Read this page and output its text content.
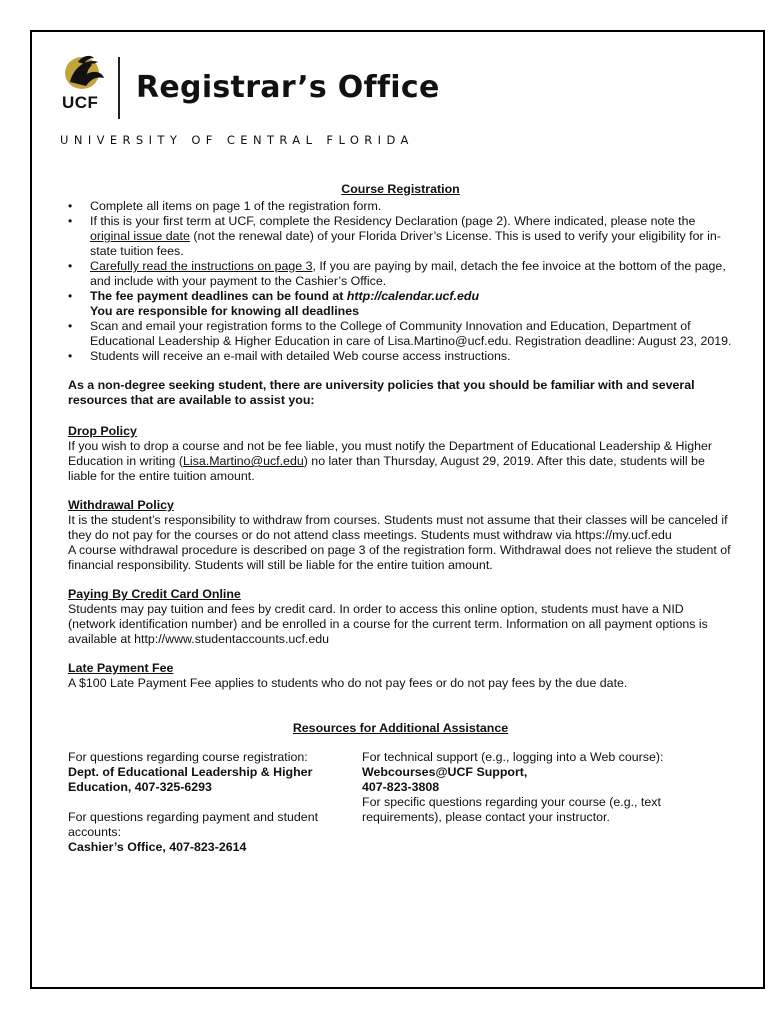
UCF Registrar’s Office
UNIVERSITY OF CENTRAL FLORIDA

Course Registration

• Complete all items on page 1 of the registration form.
• If this is your first term at UCF, complete the Residency Declaration (page 2). Where indicated, please note the original issue date (not the renewal date) of your Florida Driver’s License. This is used to verify your eligibility for in-state tuition fees.
• Carefully read the instructions on page 3, If you are paying by mail, detach the fee invoice at the bottom of the page, and include with your payment to the Cashier’s Office.
• The fee payment deadlines can be found at http://calendar.ucf.edu
You are responsible for knowing all deadlines
• Scan and email your registration forms to the College of Community Innovation and Education, Department of Educational Leadership & Higher Education in care of Lisa.Martino@ucf.edu. Registration deadline: August 23, 2019.
• Students will receive an e-mail with detailed Web course access instructions.

As a non-degree seeking student, there are university policies that you should be familiar with and several resources that are available to assist you:

Drop Policy

If you wish to drop a course and not be fee liable, you must notify the Department of Educational Leadership & Higher Education in writing (Lisa.Martino@ucf.edu) no later than Thursday, August 29, 2019. After this date, students will be liable for the entire tuition amount.

Withdrawal Policy

It is the student’s responsibility to withdraw from courses. Students must not assume that their classes will be canceled if they do not pay for the courses or do not attend class meetings. Students must withdraw via https://my.ucf.edu

A course withdrawal procedure is described on page 3 of the registration form. Withdrawal does not relieve the student of financial responsibility. Students will still be liable for the entire tuition amount.

Paying By Credit Card Online

Students may pay tuition and fees by credit card. In order to access this online option, students must have a NID (network identification number) and be enrolled in a course for the current term. Information on all payment options is available at http://www.studentaccounts.ucf.edu

Late Payment Fee

A $100 Late Payment Fee applies to students who do not pay fees or do not pay fees by the due date.

Resources for Additional Assistance

For questions regarding course registration:

Dept. of Educational Leadership & Higher Education, 407-325-6293

For questions regarding payment and student accounts:

Cashier’s Office, 407-823-2614

For technical support (e.g., logging into a Web course):

Webcourses@UCF Support,

407-823-3808

For specific questions regarding your course (e.g., text requirements), please contact your instructor.
